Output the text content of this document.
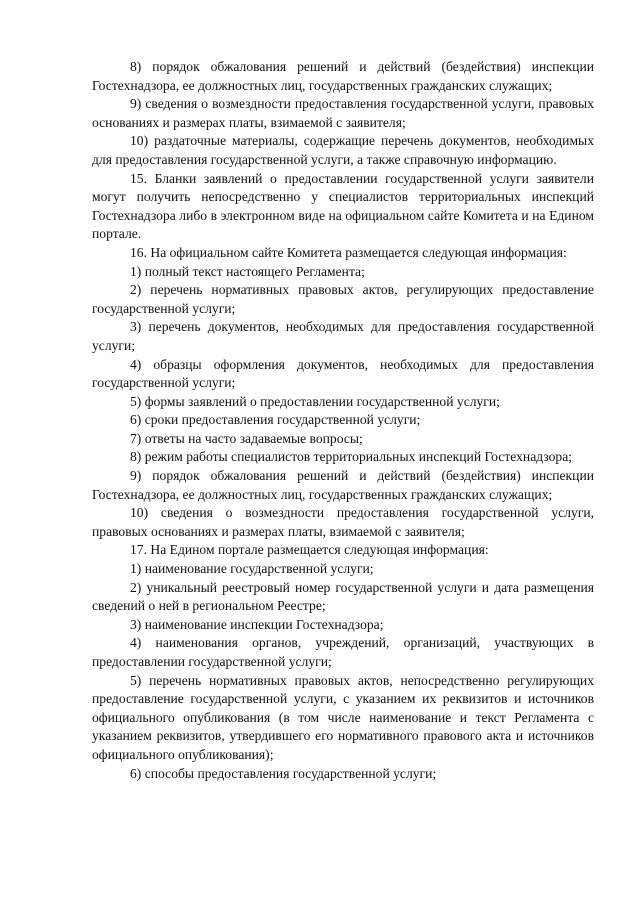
8) порядок обжалования решений и действий (бездействия) инспекции Гостехнадзора, ее должностных лиц, государственных гражданских служащих;

9) сведения о возмездности предоставления государственной услуги, правовых основаниях и размерах платы, взимаемой с заявителя;

10) раздаточные материалы, содержащие перечень документов, необходимых для предоставления государственной услуги, а также справочную информацию.

15. Бланки заявлений о предоставлении государственной услуги заявители могут получить непосредственно у специалистов территориальных инспекций Гостехнадзора либо в электронном виде на официальном сайте Комитета и на Едином портале.

16. На официальном сайте Комитета размещается следующая информация:

1) полный текст настоящего Регламента;

2) перечень нормативных правовых актов, регулирующих предоставление государственной услуги;

3) перечень документов, необходимых для предоставления государственной услуги;

4) образцы оформления документов, необходимых для предоставления государственной услуги;

5) формы заявлений о предоставлении государственной услуги;

6) сроки предоставления государственной услуги;

7) ответы на часто задаваемые вопросы;

8) режим работы специалистов территориальных инспекций Гостехнадзора;

9) порядок обжалования решений и действий (бездействия) инспекции Гостехнадзора, ее должностных лиц, государственных гражданских служащих;

10) сведения о возмездности предоставления государственной услуги, правовых основаниях и размерах платы, взимаемой с заявителя;

17. На Едином портале размещается следующая информация:

1) наименование государственной услуги;

2) уникальный реестровый номер государственной услуги и дата размещения сведений о ней в региональном Реестре;

3) наименование инспекции Гостехнадзора;

4) наименования органов, учреждений, организаций, участвующих в предоставлении государственной услуги;

5) перечень нормативных правовых актов, непосредственно регулирующих предоставление государственной услуги, с указанием их реквизитов и источников официального опубликования (в том числе наименование и текст Регламента с указанием реквизитов, утвердившего его нормативного правового акта и источников официального опубликования);

6) способы предоставления государственной услуги;
